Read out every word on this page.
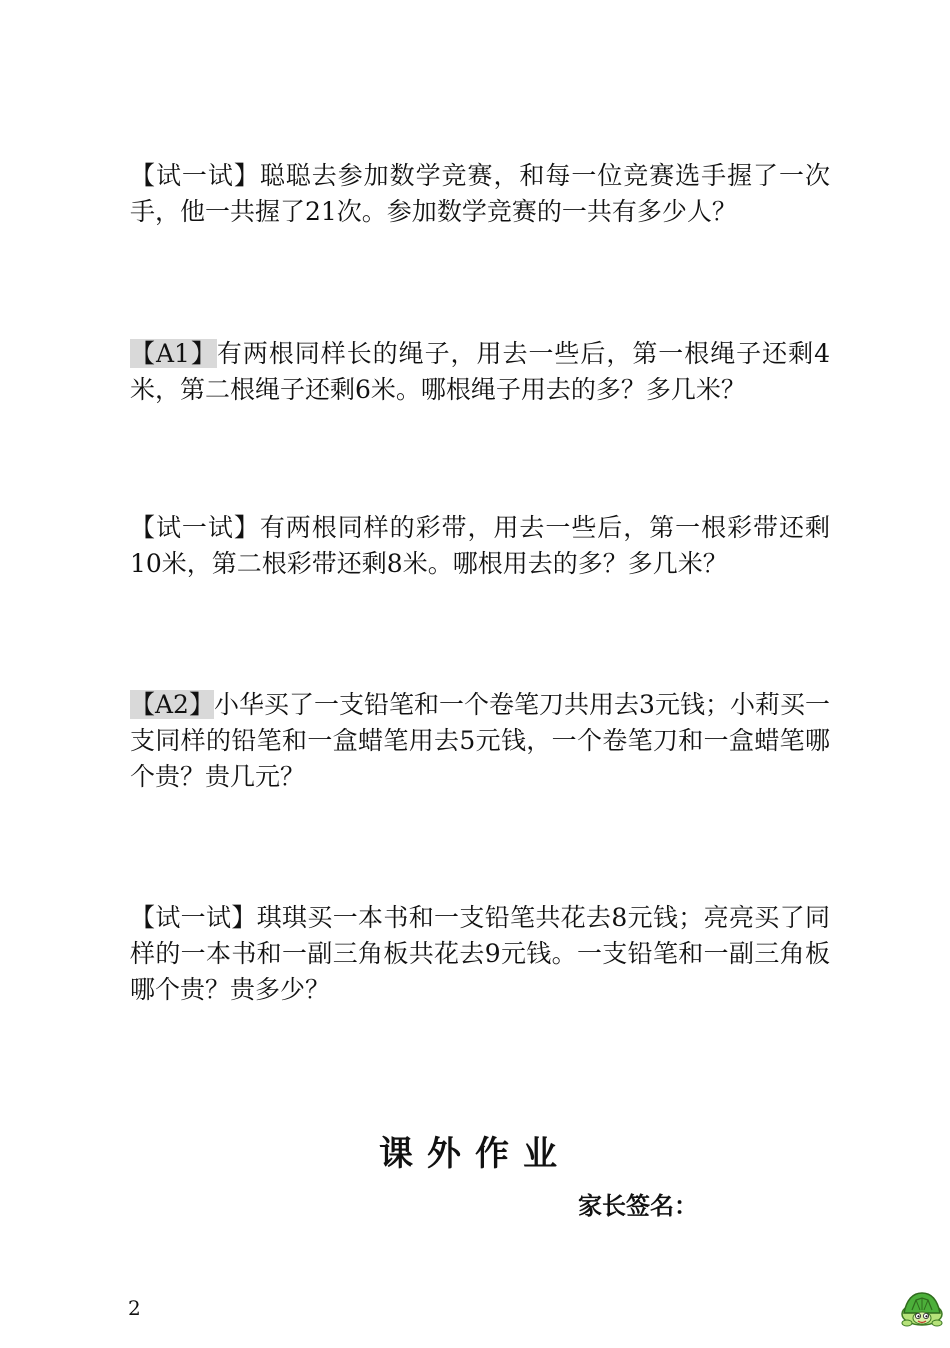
【试一试】聪聪去参加数学竞赛，和每一位竞赛选手握了一次手，他一共握了21次。参加数学竞赛的一共有多少人？
【A1】有两根同样长的绳子，用去一些后，第一根绳子还剩4米，第二根绳子还剩6米。哪根绳子用去的多？多几米？
【试一试】有两根同样的彩带，用去一些后，第一根彩带还剩10米，第二根彩带还剩8米。哪根用去的多？多几米？
【A2】小华买了一支铅笔和一个卷笔刀共用去3元钱；小莉买一支同样的铅笔和一盒蜡笔用去5元钱，一个卷笔刀和一盒蜡笔哪个贵？贵几元？
【试一试】琪琪买一本书和一支铅笔共花去8元钱；亮亮买了同样的一本书和一副三角板共花去9元钱。一支铅笔和一副三角板哪个贵？贵多少？
课外作业
家长签名：
2
